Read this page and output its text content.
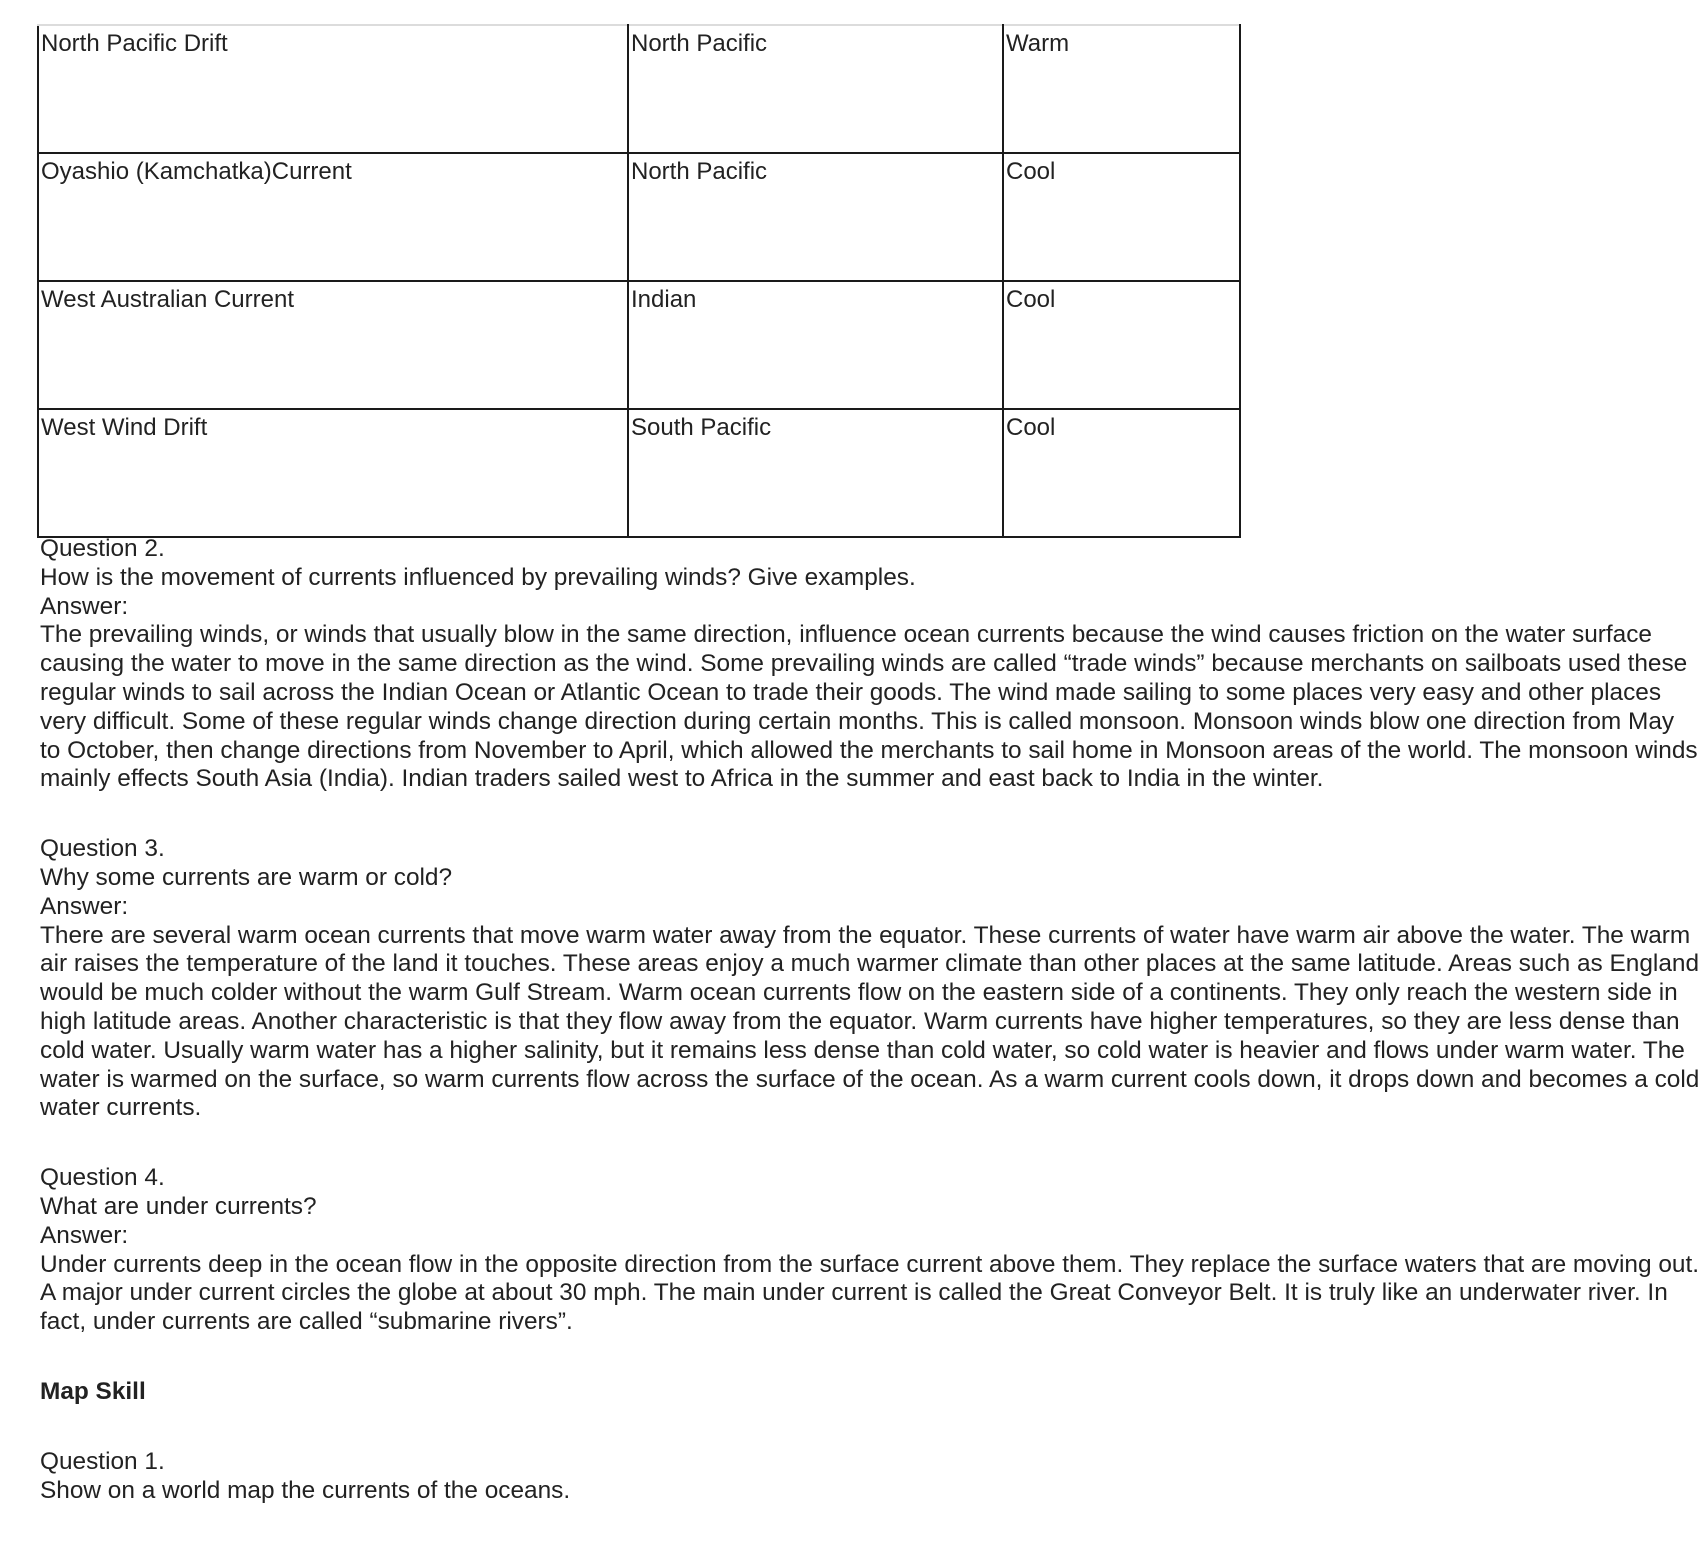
North Pacific Drift	North Pacific	Warm
Oyashio (Kamchatka)Current	North Pacific	Cool
West Australian Current	Indian	Cool
West Wind Drift	South Pacific	Cool

Question 2.

How is the movement of currents influenced by prevailing winds? Give examples.

Answer:

The prevailing winds, or winds that usually blow in the same direction, influence ocean currents because the wind causes friction on the water surface causing the water to move in the same direction as the wind. Some prevailing winds are called “trade winds” because merchants on sailboats used these regular winds to sail across the Indian Ocean or Atlantic Ocean to trade their goods. The wind made sailing to some places very easy and other places very difficult. Some of these regular winds change direction during certain months. This is called monsoon. Monsoon winds blow one direction from May to October, then change directions from November to April, which allowed the merchants to sail home in Monsoon areas of the world. The monsoon winds mainly effects South Asia (India). Indian traders sailed west to Africa in the summer and east back to India in the winter.

Question 3.

Why some currents are warm or cold?

Answer:

There are several warm ocean currents that move warm water away from the equator. These currents of water have warm air above the water. The warm air raises the temperature of the land it touches. These areas enjoy a much warmer climate than other places at the same latitude. Areas such as England would be much colder without the warm Gulf Stream. Warm ocean currents flow on the eastern side of a continents. They only reach the western side in high latitude areas. Another characteristic is that they flow away from the equator. Warm currents have higher temperatures, so they are less dense than cold water. Usually warm water has a higher salinity, but it remains less dense than cold water, so cold water is heavier and flows under warm water. The water is warmed on the surface, so warm currents flow across the surface of the ocean. As a warm current cools down, it drops down and becomes a cold water currents.

Question 4.

What are under currents?

Answer:

Under currents deep in the ocean flow in the opposite direction from the surface current above them. They replace the surface waters that are moving out. A major under current circles the globe at about 30 mph. The main under current is called the Great Conveyor Belt. It is truly like an underwater river. In fact, under currents are called “submarine rivers”.

Map Skill

Question 1.

Show on a world map the currents of the oceans.
